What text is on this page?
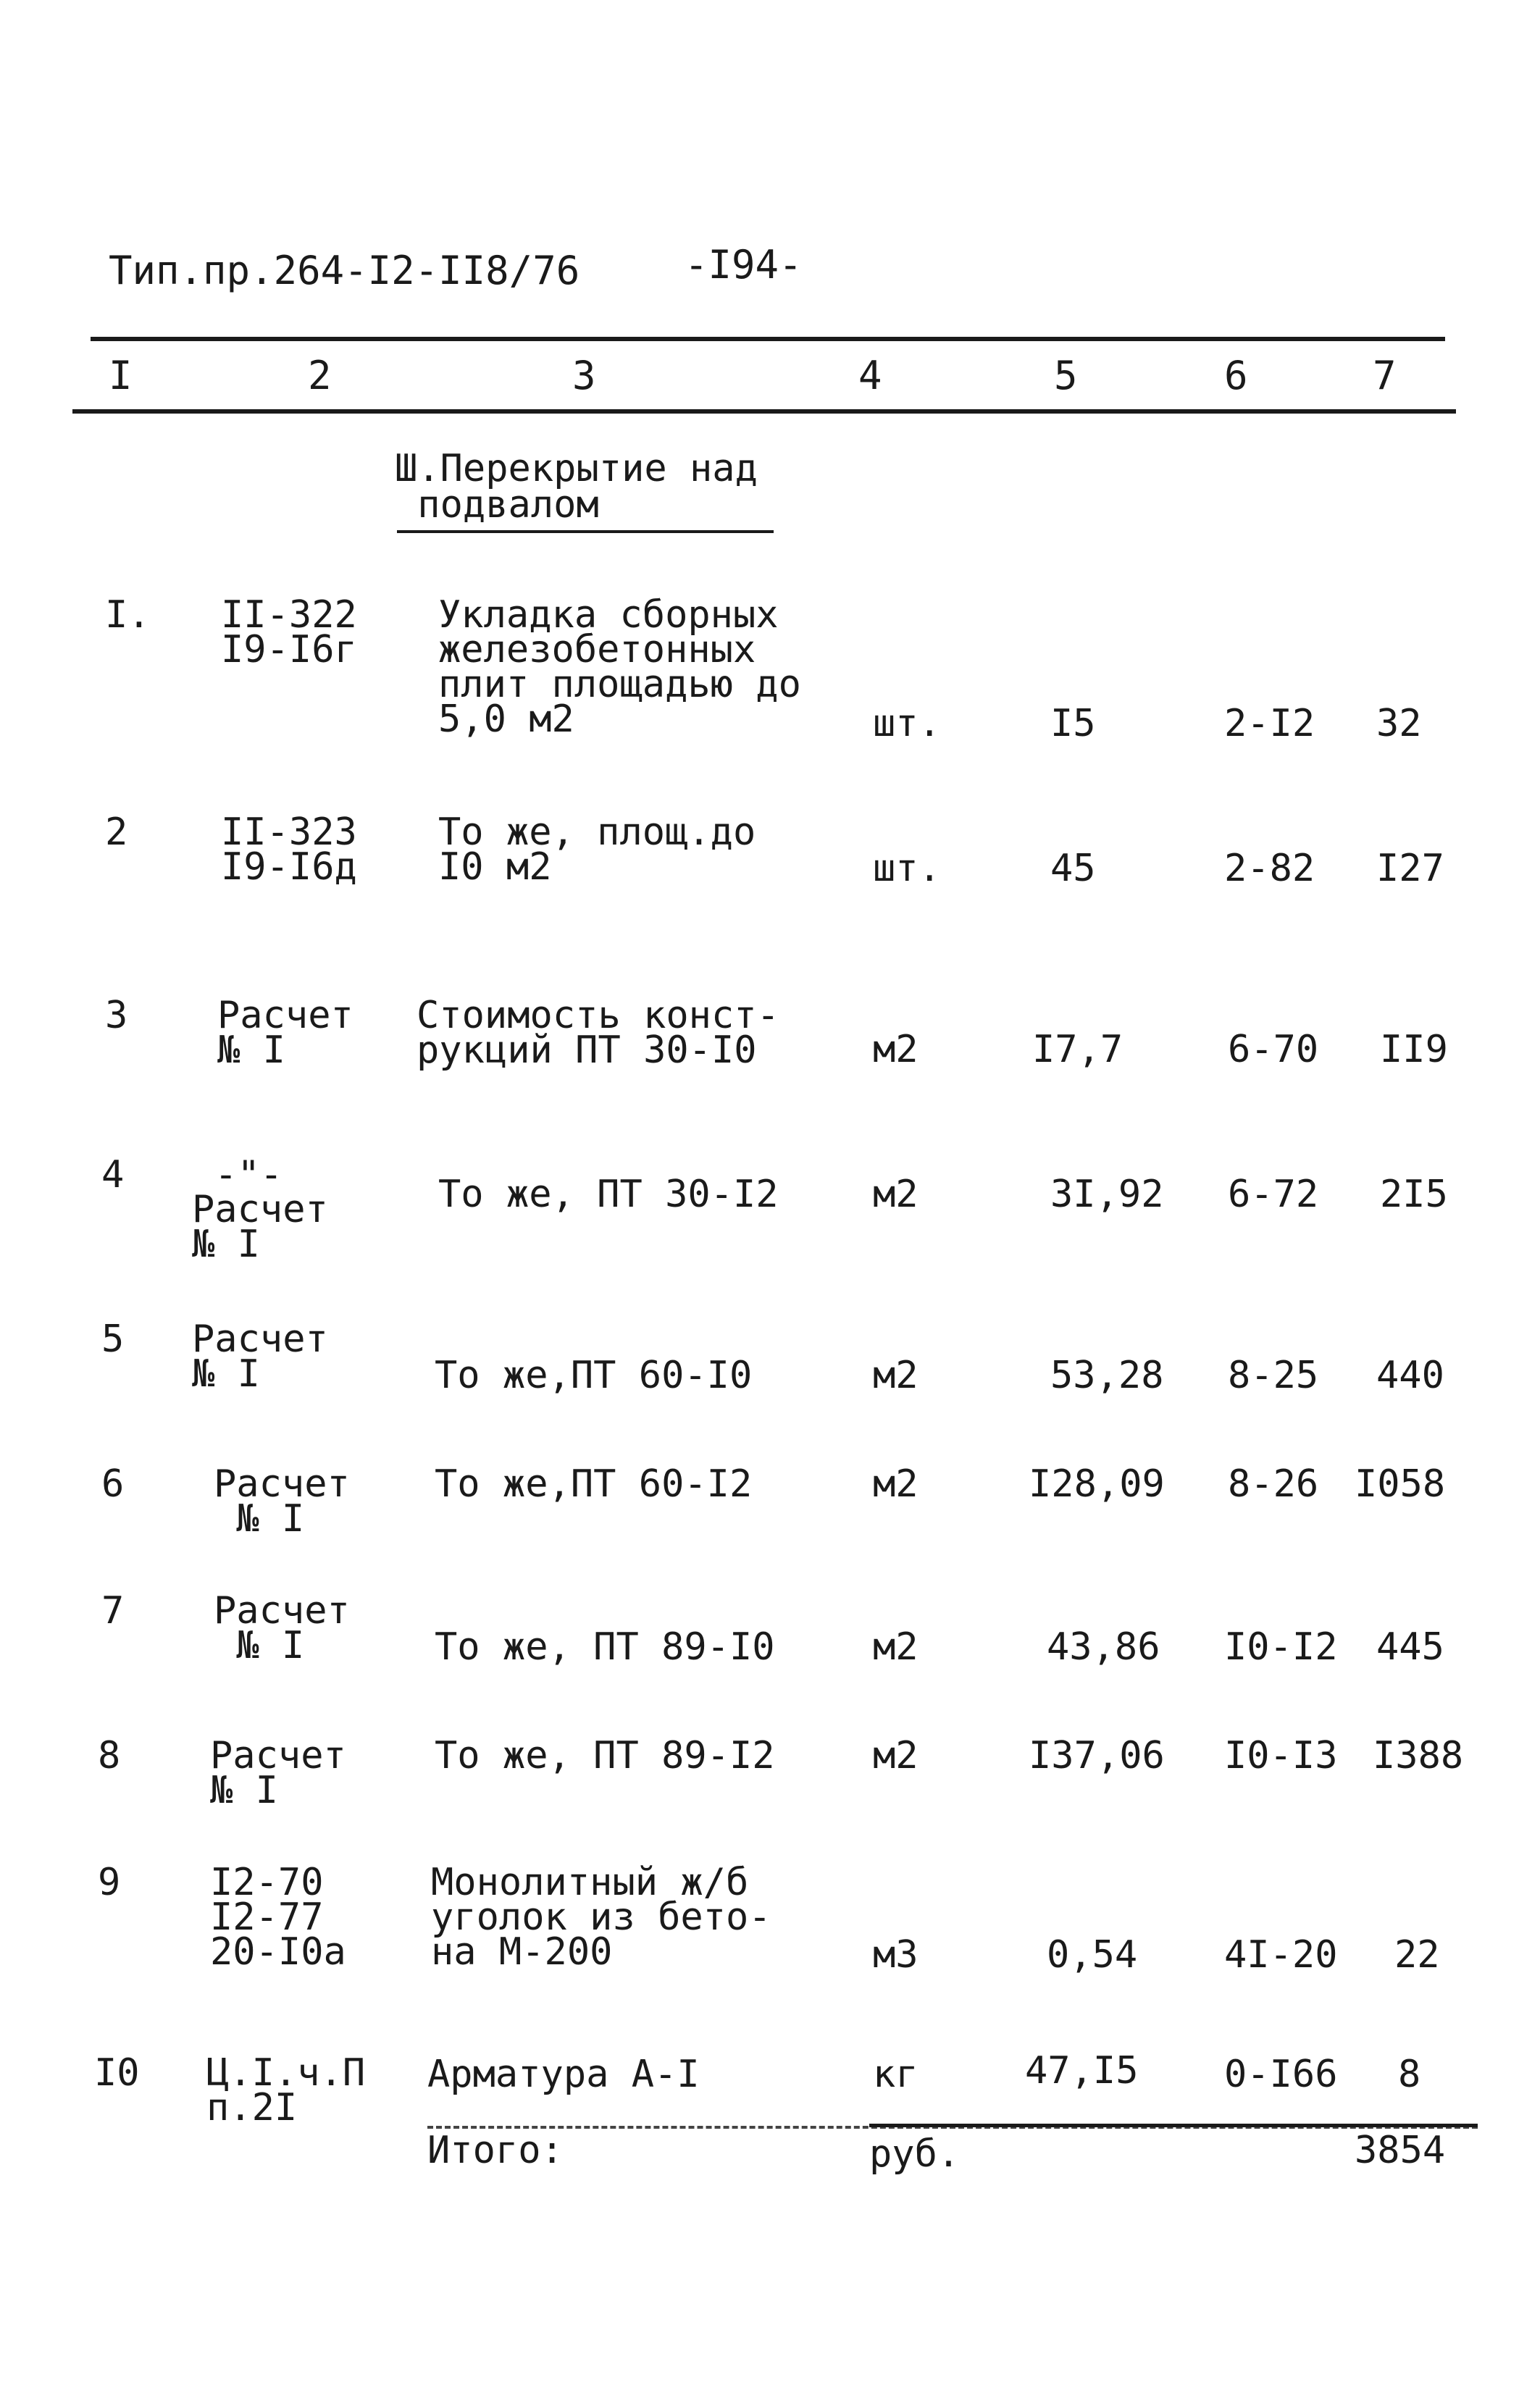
Тип.пр.264-I2-II8/76	-I94-
I	2	3	4	5	6	7
Ш.Перекрытие над
подвалом
I. II-322
I9-I6г
Укладка сборных
железобетонных
плит площадью до
5,0 м2	шт.	I5	2-I2 32
2 II-323
I9-I6д
То же, площ.до
I0 м2	шт.	45	2-82 I27
3 Расчет
№ I
Стоимость конст-
рукций ПТ 30-I0	м2	I7,7	6-70 II9
4	-"-
Расчет
№ I
То же, ПТ 30-I2	м2	3I,92 6-72 2I5
5 Расчет
№ I	То же,ПТ 60-I0	м2	53,28 8-25 440
6 Расчет
№ I
То же,ПТ 60-I2	м2	I28,09 8-26 I058
7 Расчет
№ I	То же, ПТ 89-I0	м2	43,86 I0-I2 445
8 Расчет
№ I
То же, ПТ 89-I2	м2	I37,06 I0-I3 I388
9 I2-70
I2-77
20-I0а
Монолитный ж/б
уголок из бето-
на М-200	м3	0,54 4I-20 22
I0 Ц.I.ч.П
п.2I
Арматура А-I	кг	47,I5 0-I66 8
Итого:	руб.	3854
